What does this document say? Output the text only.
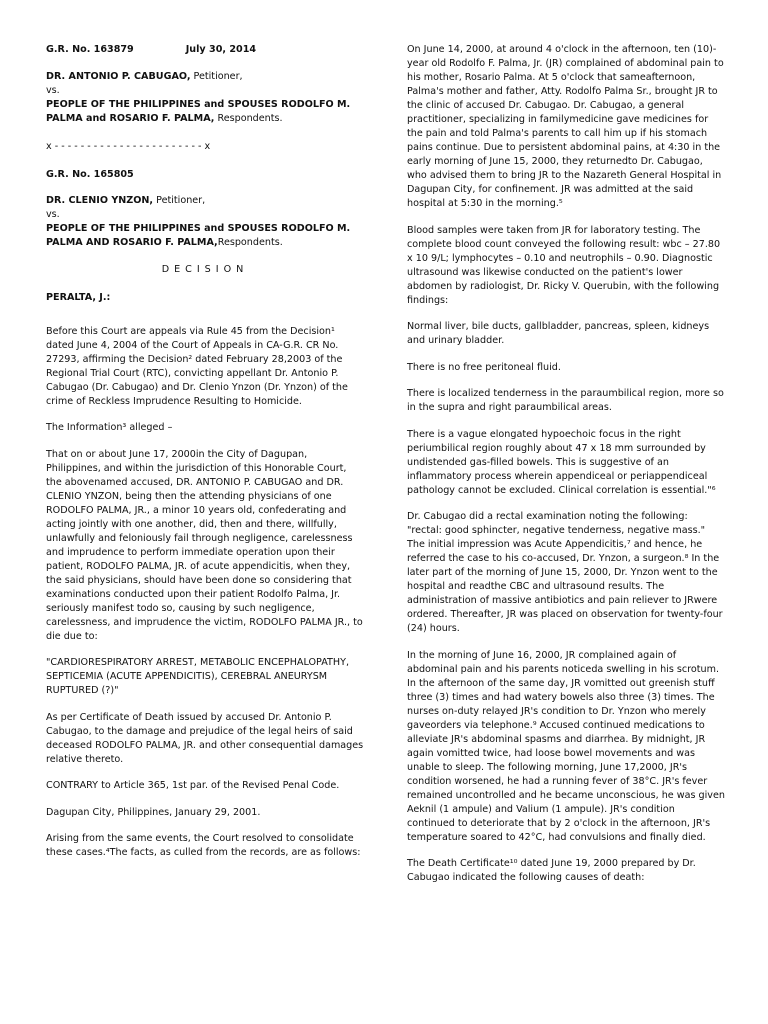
G.R. No. 163879	July 30, 2014
DR. ANTONIO P. CABUGAO, Petitioner,
vs.
PEOPLE OF THE PHILIPPINES and SPOUSES RODOLFO M. PALMA and ROSARIO F. PALMA, Respondents.
x - - - - - - - - - - - - - - - - - - - - - - - x
G.R. No. 165805
DR. CLENIO YNZON, Petitioner,
vs.
PEOPLE OF THE PHILIPPINES and SPOUSES RODOLFO M. PALMA AND ROSARIO F. PALMA,Respondents.
DECISION
PERALTA, J.:

Before this Court are appeals via Rule 45 from the Decision¹ dated June 4, 2004 of the Court of Appeals in CA-G.R. CR No. 27293, affirming the Decision² dated February 28,2003 of the Regional Trial Court (RTC), convicting appellant Dr. Antonio P. Cabugao (Dr. Cabugao) and Dr. Clenio Ynzon (Dr. Ynzon) of the crime of Reckless Imprudence Resulting to Homicide.

The Information³ alleged –

That on or about June 17, 2000in the City of Dagupan, Philippines, and within the jurisdiction of this Honorable Court, the abovenamed accused, DR. ANTONIO P. CABUGAO and DR. CLENIO YNZON, being then the attending physicians of one RODOLFO PALMA, JR., a minor 10 years old, confederating and acting jointly with one another, did, then and there, willfully, unlawfully and feloniously fail through negligence, carelessness and imprudence to perform immediate operation upon their patient, RODOLFO PALMA, JR. of acute appendicitis, when they, the said physicians, should have been done so considering that examinations conducted upon their patient Rodolfo Palma, Jr. seriously manifest todo so, causing by such negligence, carelessness, and imprudence the victim, RODOLFO PALMA JR., to die due to:

"CARDIORESPIRATORY ARREST, METABOLIC ENCEPHALOPATHY, SEPTICEMIA (ACUTE APPENDICITIS), CEREBRAL ANEURYSM RUPTURED (?)"

As per Certificate of Death issued by accused Dr. Antonio P. Cabugao, to the damage and prejudice of the legal heirs of said deceased RODOLFO PALMA, JR. and other consequential damages relative thereto.

CONTRARY to Article 365, 1st par. of the Revised Penal Code.

Dagupan City, Philippines, January 29, 2001.

Arising from the same events, the Court resolved to consolidate these cases.⁴The facts, as culled from the records, are as follows:

On June 14, 2000, at around 4 o'clock in the afternoon, ten (10)-year old Rodolfo F. Palma, Jr. (JR) complained of abdominal pain to his mother, Rosario Palma. At 5 o'clock that sameafternoon, Palma's mother and father, Atty. Rodolfo Palma Sr., brought JR to the clinic of accused Dr. Cabugao. Dr. Cabugao, a general practitioner, specializing in familymedicine gave medicines for the pain and told Palma's parents to call him up if his stomach pains continue. Due to persistent abdominal pains, at 4:30 in the early morning of June 15, 2000, they returnedto Dr. Cabugao, who advised them to bring JR to the Nazareth General Hospital in Dagupan City, for confinement. JR was admitted at the said hospital at 5:30 in the morning.⁵

Blood samples were taken from JR for laboratory testing. The complete blood count conveyed the following result: wbc – 27.80 x 10 9/L; lymphocytes – 0.10 and neutrophils – 0.90. Diagnostic ultrasound was likewise conducted on the patient's lower abdomen by radiologist, Dr. Ricky V. Querubin, with the following findings:

Normal liver, bile ducts, gallbladder, pancreas, spleen, kidneys and urinary bladder.

There is no free peritoneal fluid.

There is localized tenderness in the paraumbilical region, more so in the supra and right paraumbilical areas.

There is a vague elongated hypoechoic focus in the right periumbilical region roughly about 47 x 18 mm surrounded by undistended gas-filled bowels. This is suggestive of an inflammatory process wherein appendiceal or periappendiceal pathology cannot be excluded. Clinical correlation is essential."⁶

Dr. Cabugao did a rectal examination noting the following: "rectal: good sphincter, negative tenderness, negative mass." The initial impression was Acute Appendicitis,⁷ and hence, he referred the case to his co-accused, Dr. Ynzon, a surgeon.⁸ In the later part of the morning of June 15, 2000, Dr. Ynzon went to the hospital and readthe CBC and ultrasound results. The administration of massive antibiotics and pain reliever to JRwere ordered. Thereafter, JR was placed on observation for twenty-four (24) hours.

In the morning of June 16, 2000, JR complained again of abdominal pain and his parents noticeda swelling in his scrotum. In the afternoon of the same day, JR vomitted out greenish stuff three (3) times and had watery bowels also three (3) times. The nurses on-duty relayed JR's condition to Dr. Ynzon who merely gaveorders via telephone.⁹ Accused continued medications to alleviate JR's abdominal spasms and diarrhea. By midnight, JR again vomitted twice, had loose bowel movements and was unable to sleep. The following morning, June 17,2000, JR's condition worsened, he had a running fever of 38°C. JR's fever remained uncontrolled and he became unconscious, he was given Aeknil (1 ampule) and Valium (1 ampule). JR's condition continued to deteriorate that by 2 o'clock in the afternoon, JR's temperature soared to 42°C, had convulsions and finally died.

The Death Certificate¹⁰ dated June 19, 2000 prepared by Dr. Cabugao indicated the following causes of death:
